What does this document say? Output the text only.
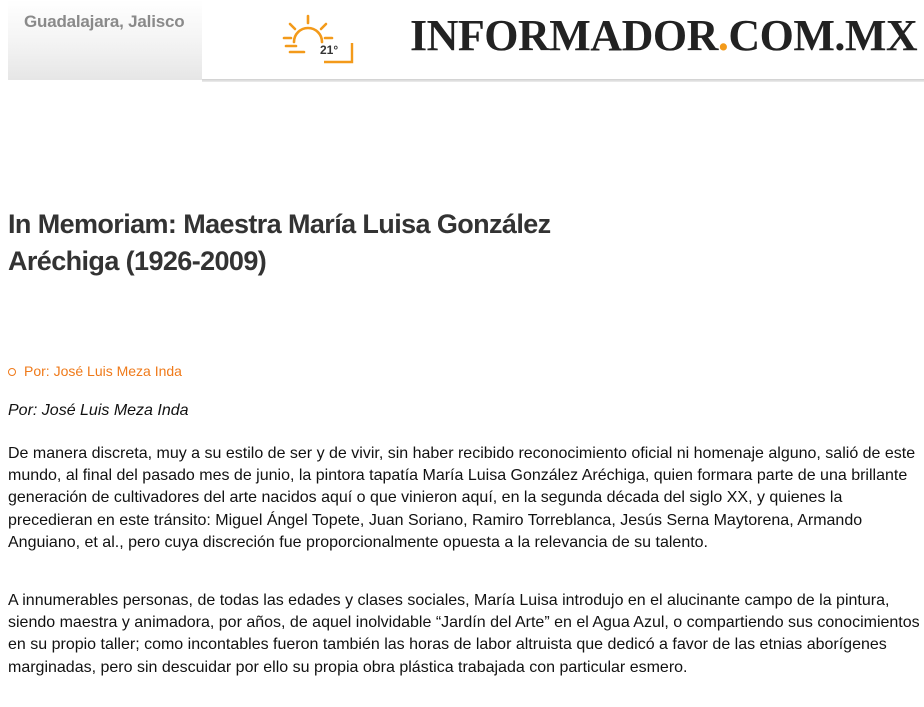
Guadalajara, Jalisco
21° INFORMADOR.COM.MX
In Memoriam: Maestra María Luisa González
Aréchiga (1926-2009)
Por: José Luis Meza Inda

Por: José Luis Meza Inda

De manera discreta, muy a su estilo de ser y de vivir, sin haber recibido reconocimiento oficial ni homenaje alguno, salió de este mundo, al final del pasado mes de junio, la pintora tapatía María Luisa González Aréchiga, quien formara parte de una brillante generación de cultivadores del arte nacidos aquí o que vinieron aquí, en la segunda década del siglo XX, y quienes la precedieran en este tránsito: Miguel Ángel Topete, Juan Soriano, Ramiro Torreblanca, Jesús Serna Maytorena, Armando Anguiano, et al., pero cuya discreción fue proporcionalmente opuesta a la relevancia de su talento.

A innumerables personas, de todas las edades y clases sociales, María Luisa introdujo en el alucinante campo de la pintura, siendo maestra y animadora, por años, de aquel inolvidable “Jardín del Arte” en el Agua Azul, o compartiendo sus conocimientos en su propio taller; como incontables fueron también las horas de labor altruista que dedicó a favor de las etnias aborígenes marginadas, pero sin descuidar por ello su propia obra plástica trabajada con particular esmero.
